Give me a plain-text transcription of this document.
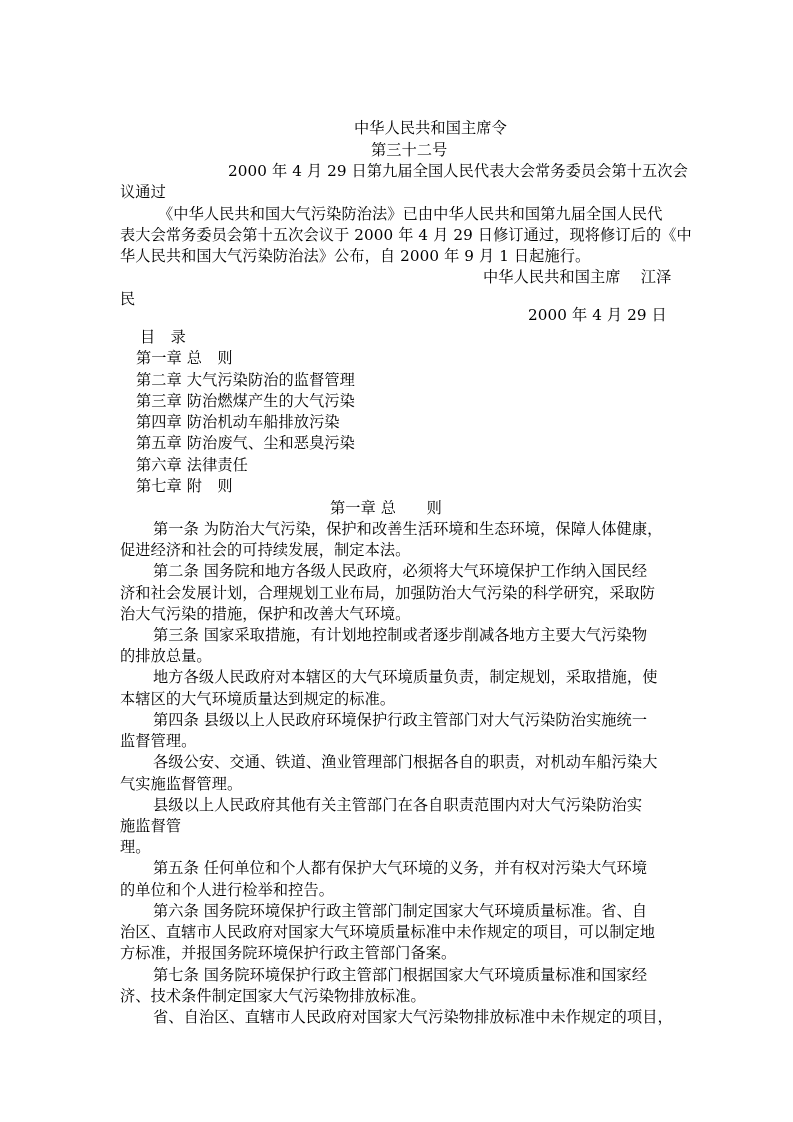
中华人民共和国主席令
第三十二号
2000 年 4 月 29 日第九届全国人民代表大会常务委员会第十五次会
议通过
《中华人民共和国大气污染防治法》已由中华人民共和国第九届全国人民代
表大会常务委员会第十五次会议于 2000 年 4 月 29 日修订通过，现将修订后的《中
华人民共和国大气污染防治法》公布，自 2000 年 9 月 1 日起施行。
中华人民共和国主席　 江泽
民
2000 年 4 月 29 日
目　录
第一章 总　则
第二章 大气污染防治的监督管理
第三章 防治燃煤产生的大气污染
第四章 防治机动车船排放污染
第五章 防治废气、尘和恶臭污染
第六章 法律责任
第七章 附　则
第一章 总　　则
第一条 为防治大气污染，保护和改善生活环境和生态环境，保障人体健康，
促进经济和社会的可持续发展，制定本法。
第二条 国务院和地方各级人民政府，必须将大气环境保护工作纳入国民经
济和社会发展计划，合理规划工业布局，加强防治大气污染的科学研究，采取防
治大气污染的措施，保护和改善大气环境。
第三条 国家采取措施，有计划地控制或者逐步削减各地方主要大气污染物
的排放总量。
地方各级人民政府对本辖区的大气环境质量负责，制定规划，采取措施，使
本辖区的大气环境质量达到规定的标准。
第四条 县级以上人民政府环境保护行政主管部门对大气污染防治实施统一
监督管理。
各级公安、交通、铁道、渔业管理部门根据各自的职责，对机动车船污染大
气实施监督管理。
县级以上人民政府其他有关主管部门在各自职责范围内对大气污染防治实
施监督管
理。
第五条 任何单位和个人都有保护大气环境的义务，并有权对污染大气环境
的单位和个人进行检举和控告。
第六条 国务院环境保护行政主管部门制定国家大气环境质量标准。省、自
治区、直辖市人民政府对国家大气环境质量标准中未作规定的项目，可以制定地
方标准，并报国务院环境保护行政主管部门备案。
第七条 国务院环境保护行政主管部门根据国家大气环境质量标准和国家经
济、技术条件制定国家大气污染物排放标准。
省、自治区、直辖市人民政府对国家大气污染物排放标准中未作规定的项目，
